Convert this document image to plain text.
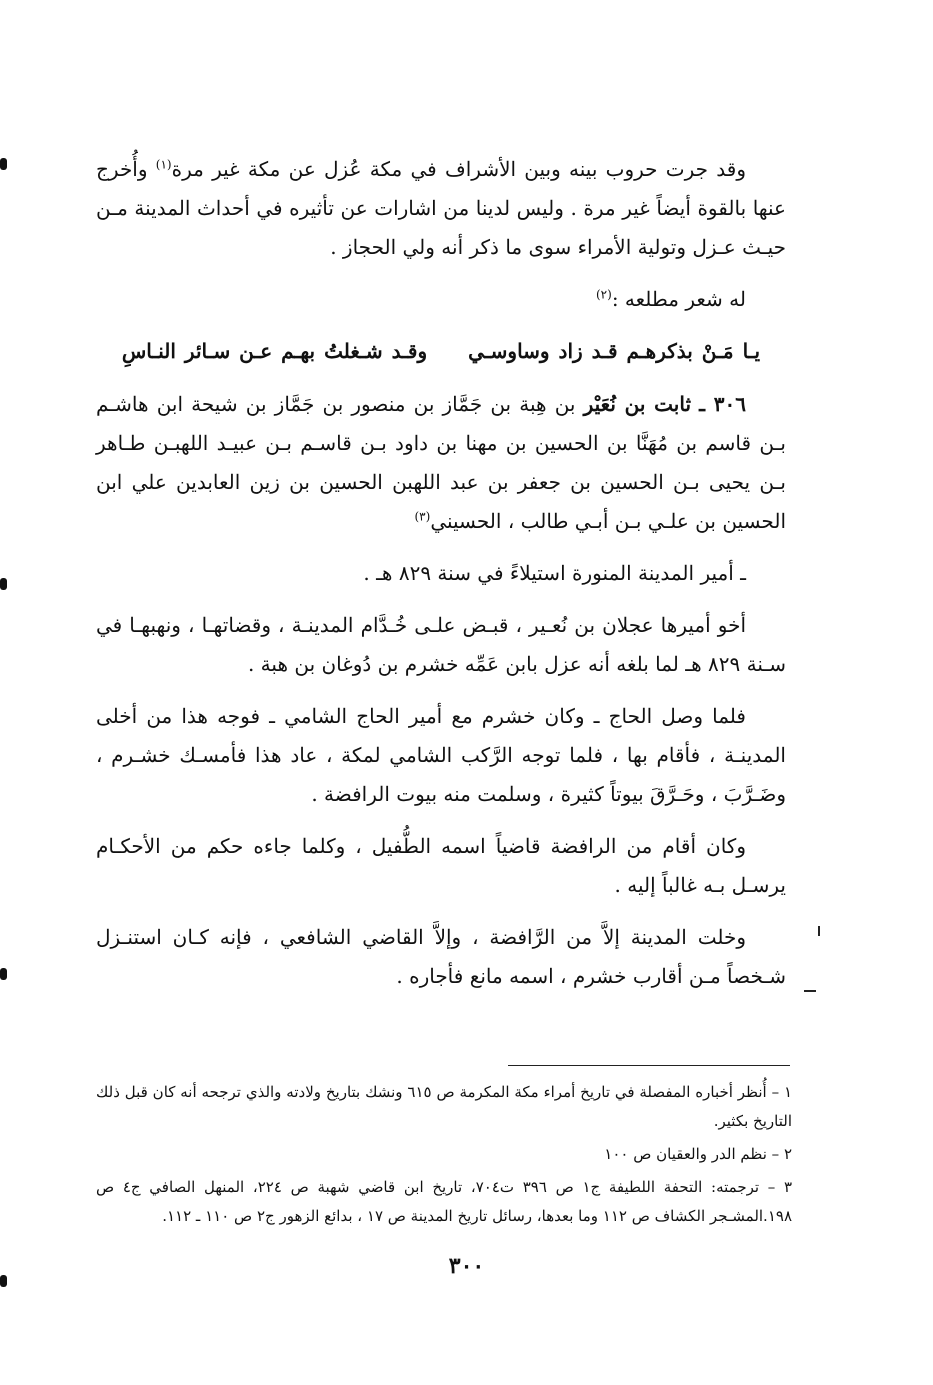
وقد جرت حروب بينه وبين الأشراف في مكة عُزل عن مكة غير مرة$^{(١)}$ وأُخرج عنها بالقوة أيضاً غير مرة . وليس لدينا من اشارات عن تأثيره في أحداث المدينة مـن حيـث عـزل وتولية الأمراء سوى ما ذكر أنه ولي الحجاز .

له شعر مطلعه :$^{(٢)}$

يـا مَـنْ بذكرهـم قـد زاد وساوسـي وقـد شـغلتُ بهـم عـن سـائر النـاسِ

٣٠٦ ـ ثابت بن نُعَيْر بن هِبة بن جَمَّاز بن منصور بن جَمَّاز بن شيحة ابن هاشـم بـن قاسم بن مُهَنَّا بن الحسين بن مهنا بن داود بـن قاسـم بـن عبيـد اللهبـن طـاهر بـن يحيى بـن الحسين بن جعفر بن عبد اللهبن الحسين بن زين العابدين علي ابن الحسين بن علـي بـن أبـي طالب ، الحسيني$^{(٣)}$

ـ أمير المدينة المنورة استيلاءً في سنة ٨٢٩ هـ .

أخو أميرها عجلان بن نُعـير ، قبـض علـى خُـدَّام المدينـة ، وقضاتهـا ، ونهبهـا في سـنة ٨٢٩ هـ لما بلغه أنه عزل بابن عَمِّه خشرم بن دُوغان بن هبة .

فلما وصل الحاج ـ وكان خشرم مع أمير الحاج الشامي ـ فوجه هذا من أخلى المدينـة ، فأقام بها ، فلما توجه الرَّكب الشامي لمكة ، عاد هذا فأمسـك خشـرم ، وضَـرَّبَ ، وحَـرَّقَ بيوتاً كثيرة ، وسلمت منه بيوت الرافضة .

وكان أقام من الرافضة قاضياً اسمه الطُّفيل ، وكلما جاءه حكم من الأحكـام يرسـل بـه غالباً إليه .

وخلت المدينة إلاَّ من الرَّافضة ، وإلاَّ القاضي الشافعي ، فإنه كـان استنـزل شـخصاً مـن أقارب خشرم ، اسمه مانع فأجاره .

١ – أُنظر أخباره المفصلة في تاريخ أمراء مكة المكرمة ص ٦١٥ ونشك بتاريخ ولادته والذي ترجحه أنه كان قبل ذلك التاريخ بكثير.

٢ – نظم الدر والعقيان ص ١٠٠

٣ – ترجمته: التحفة اللطيفة ج١ ص ٣٩٦ ت٧٠٤، تاريخ ابن قاضي شهبة ص ٢٢٤، المنهل الصافي ج٤ ص ١٩٨.المشـجر الكشاف ص ١١٢ وما بعدها، رسائل تاريخ المدينة ص ١٧ ، بدائع الزهور ج٢ ص ١١٠ ـ ١١٢.

٣٠٠
